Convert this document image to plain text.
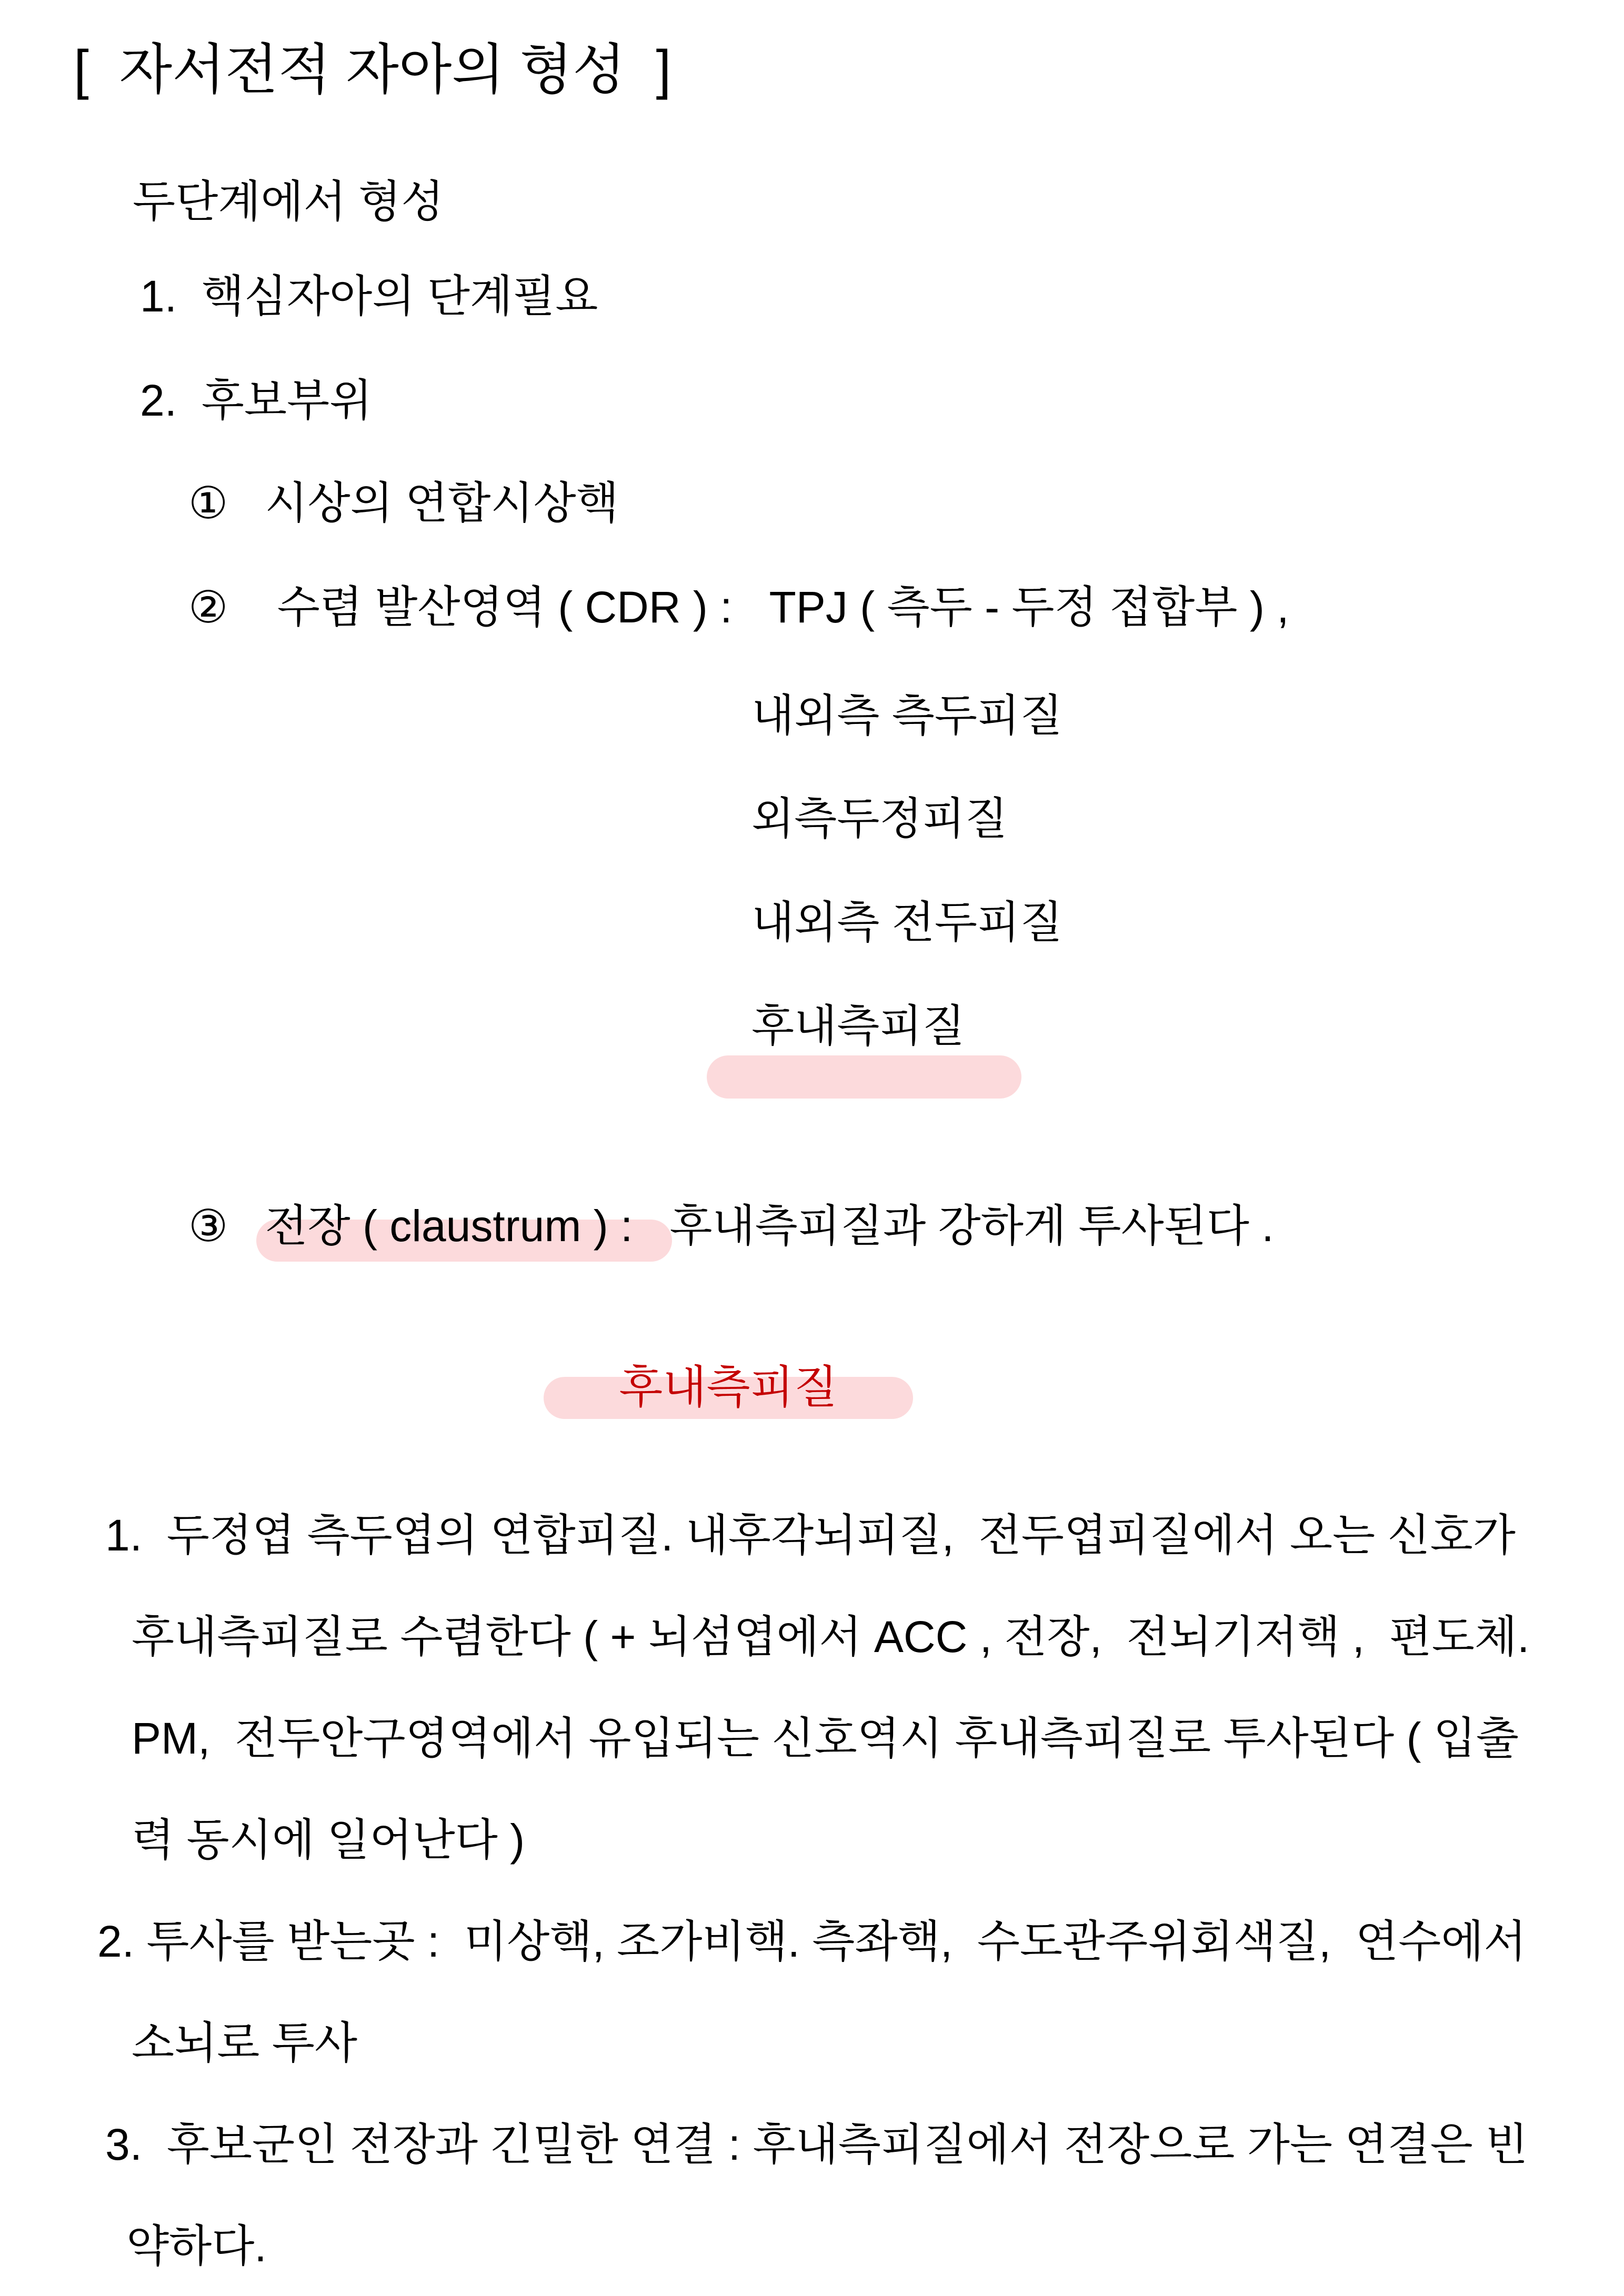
[  자서전적 자아의 형성  ]
두단계에서 형성
1.  핵심자아의 단계필요
2.  후보부위
①   시상의 연합시상핵
②    수렴 발산영역 ( CDR ) :   TPJ ( 측두 - 두정 접합부 ) ,
내외측 측두피질
외측두정피질
내외측 전두피질
후내측피질
③   전장 ( claustrum ) :   후내측피질과 강하게 투사된다 .
후내측피질
1.  두정엽 측두엽의 연합피질. 내후각뇌피질,  전두엽피질에서 오는 신호가
후내측피질로 수렴한다 ( + 뇌섬엽에서 ACC , 전장,  전뇌기저핵 ,  편도체.
PM,  전두안구영역에서 유입되는 신호역시 후내측피질로 투사된다 ( 입출
력 동시에 일어난다 )
2. 투사를 받는곳 :  미상핵, 조가비핵. 측좌핵,  수도관주위회색질,  연수에서
소뇌로 투사
3.  후보군인 전장과 긴밀한 연결 : 후내측피질에서 전장으로 가는 연결은 빈
약하다.
